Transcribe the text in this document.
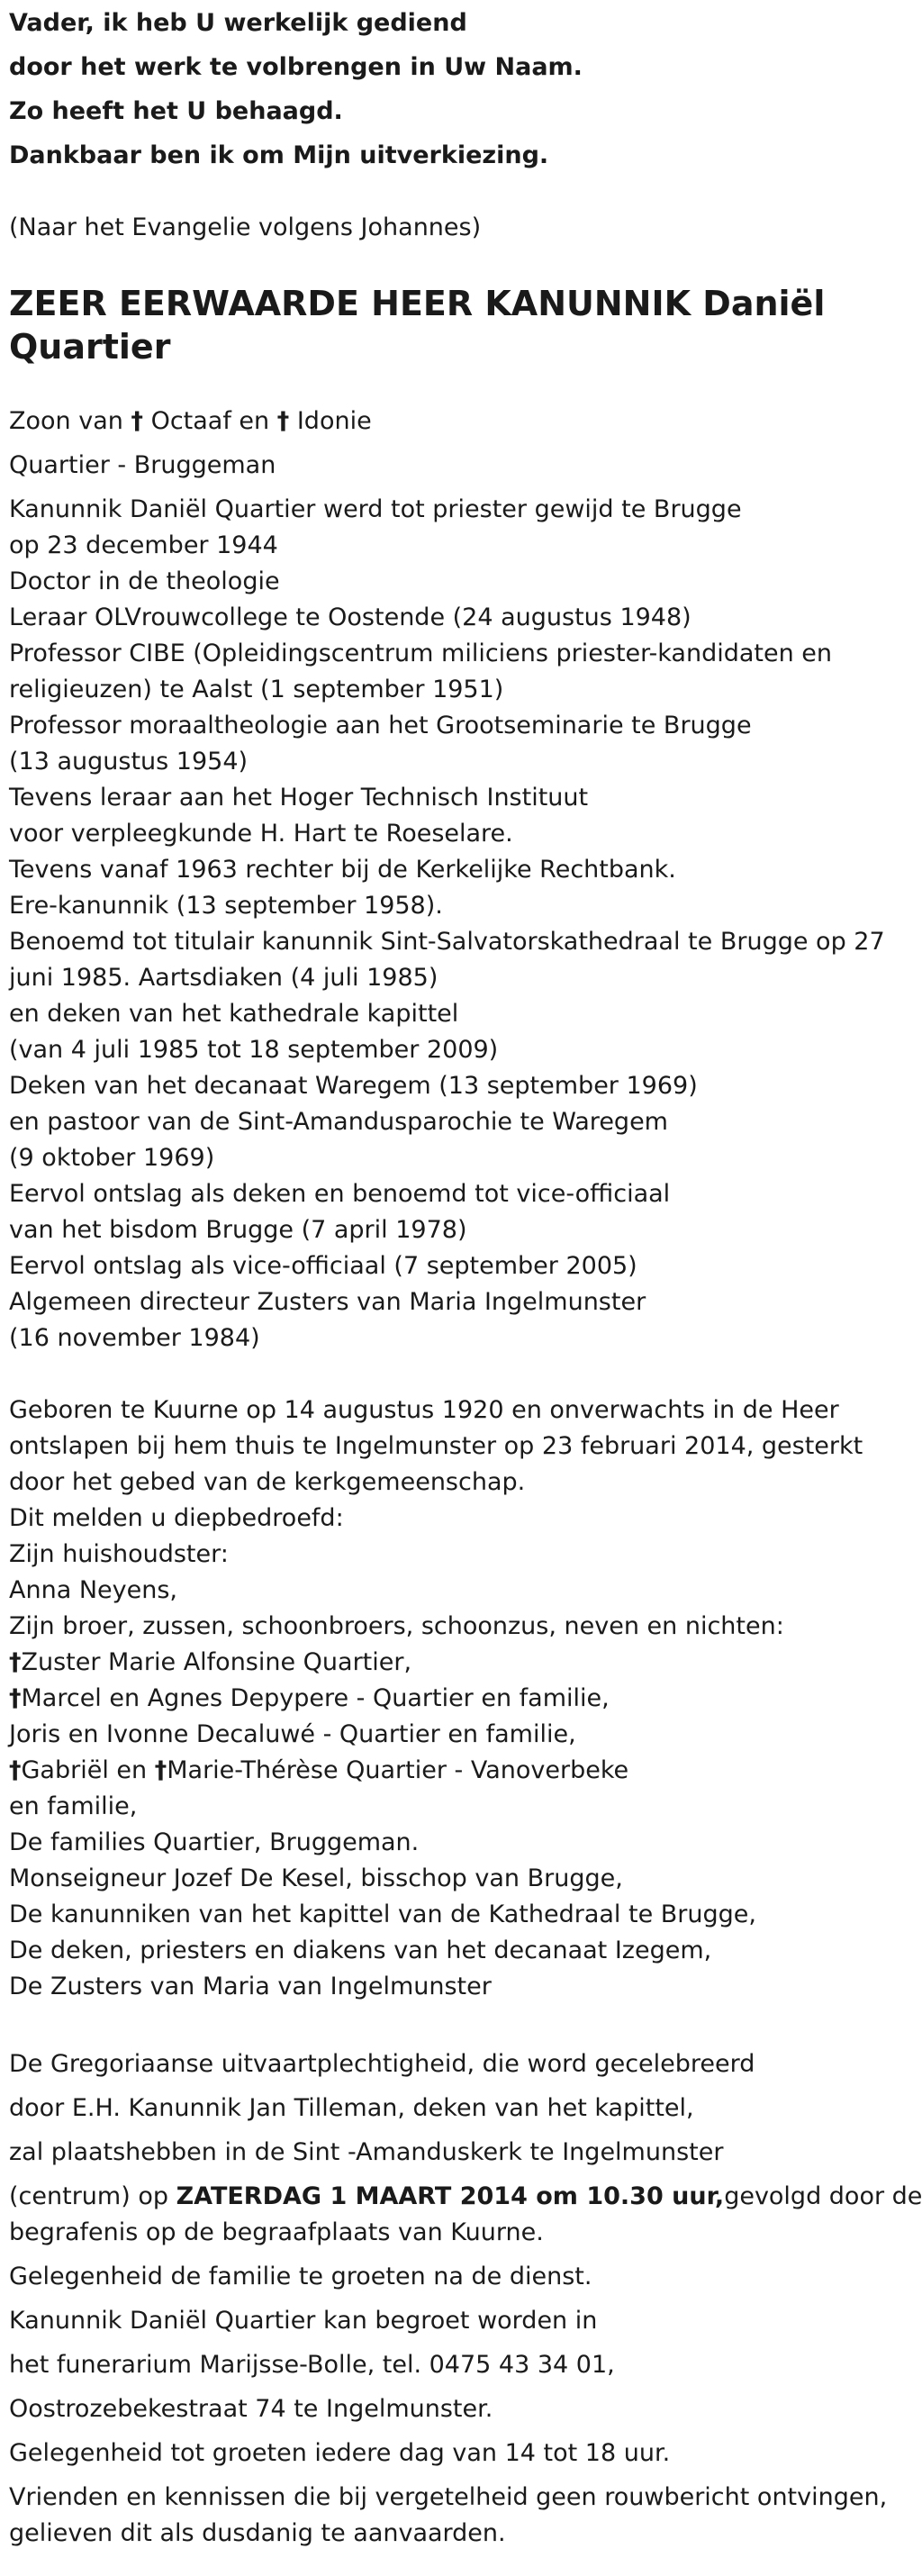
Vader, ik heb U werkelijk gediend
door het werk te volbrengen in Uw Naam.
Zo heeft het U behaagd.
Dankbaar ben ik om Mijn uitverkiezing.
(Naar het Evangelie volgens Johannes)
ZEER EERWAARDE HEER KANUNNIK Daniël Quartier
Zoon van † Octaaf en † Idonie
Quartier - Bruggeman
Kanunnik Daniël Quartier werd tot priester gewijd te Brugge
op 23 december 1944
Doctor in de theologie
Leraar OLVrouwcollege te Oostende (24 augustus 1948)
Professor CIBE (Opleidingscentrum miliciens priester-kandidaten en
religieuzen) te Aalst (1 september 1951)
Professor moraaltheologie aan het Grootseminarie te Brugge
(13 augustus 1954)
Tevens leraar aan het Hoger Technisch Instituut
voor verpleegkunde H. Hart te Roeselare.
Tevens vanaf 1963 rechter bij de Kerkelijke Rechtbank.
Ere-kanunnik (13 september 1958).
Benoemd tot titulair kanunnik Sint-Salvatorskathedraal te Brugge op 27
juni 1985. Aartsdiaken (4 juli 1985)
en deken van het kathedrale kapittel
(van 4 juli 1985 tot 18 september 2009)
Deken van het decanaat Waregem (13 september 1969)
en pastoor van de Sint-Amandusparochie te Waregem
(9 oktober 1969)
Eervol ontslag als deken en benoemd tot vice-officiaal
van het bisdom Brugge (7 april 1978)
Eervol ontslag als vice-officiaal (7 september 2005)
Algemeen directeur Zusters van Maria Ingelmunster
(16 november 1984)
Geboren te Kuurne op 14 augustus 1920 en onverwachts in de Heer
ontslapen bij hem thuis te Ingelmunster op 23 februari 2014, gesterkt
door het gebed van de kerkgemeenschap.
Dit melden u diepbedroefd:
Zijn huishoudster:
Anna Neyens,
Zijn broer, zussen, schoonbroers, schoonzus, neven en nichten:
†Zuster Marie Alfonsine Quartier,
†Marcel en Agnes Depypere - Quartier en familie,
Joris en Ivonne Decaluwé - Quartier en familie,
†Gabriël en †Marie-Thérèse Quartier - Vanoverbeke
en familie,
De families Quartier, Bruggeman.
Monseigneur Jozef De Kesel, bisschop van Brugge,
De kanunniken van het kapittel van de Kathedraal te Brugge,
De deken, priesters en diakens van het decanaat Izegem,
De Zusters van Maria van Ingelmunster
De Gregoriaanse uitvaartplechtigheid, die word gecelebreerd
door E.H. Kanunnik Jan Tilleman, deken van het kapittel,
zal plaatshebben in de Sint -Amanduskerk te Ingelmunster
(centrum) op ZATERDAG 1 MAART 2014 om 10.30 uur,gevolgd door de
begrafenis op de begraafplaats van Kuurne.
Gelegenheid de familie te groeten na de dienst.
Kanunnik Daniël Quartier kan begroet worden in
het funerarium Marijsse-Bolle, tel. 0475 43 34 01,
Oostrozebekestraat 74 te Ingelmunster.
Gelegenheid tot groeten iedere dag van 14 tot 18 uur.
Vrienden en kennissen die bij vergetelheid geen rouwbericht ontvingen,
gelieven dit als dusdanig te aanvaarden.
